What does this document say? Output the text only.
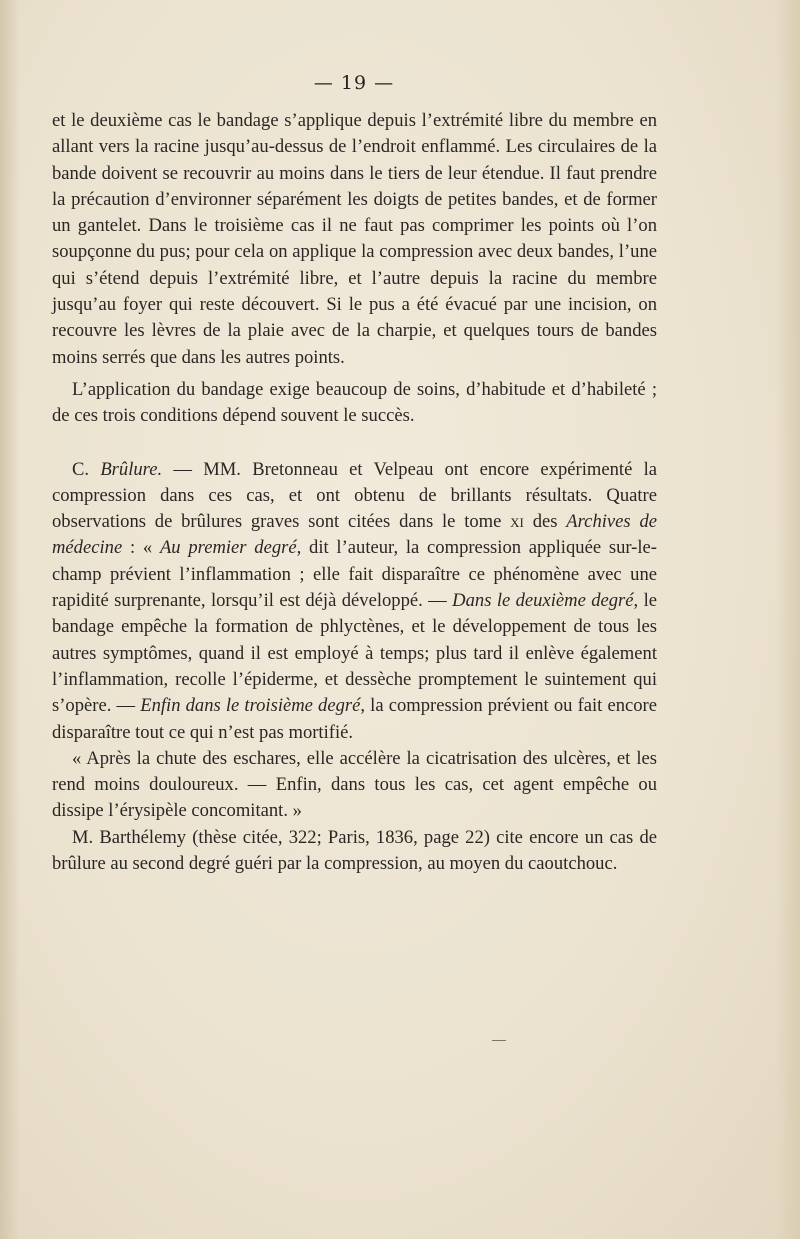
— 19 —

et le deuxième cas le bandage s’applique depuis l’extrémité libre du membre en allant vers la racine jusqu’au-dessus de l’endroit enflammé. Les circulaires de la bande doivent se recouvrir au moins dans le tiers de leur étendue. Il faut prendre la précaution d’environner séparément les doigts de petites bandes, et de former un gantelet. Dans le troisième cas il ne faut pas comprimer les points où l’on soupçonne du pus; pour cela on applique la compression avec deux bandes, l’une qui s’étend depuis l’extrémité libre, et l’autre depuis la racine du membre jusqu’au foyer qui reste découvert. Si le pus a été évacué par une incision, on recouvre les lèvres de la plaie avec de la charpie, et quelques tours de bandes moins serrés que dans les autres points.

L’application du bandage exige beaucoup de soins, d’habitude et d’habileté ; de ces trois conditions dépend souvent le succès.

C. Brûlure. — MM. Bretonneau et Velpeau ont encore expérimenté la compression dans ces cas, et ont obtenu de brillants résultats. Quatre observations de brûlures graves sont citées dans le tome xi des Archives de médecine : « Au premier degré, dit l’auteur, la compression appliquée sur-le-champ prévient l’inflammation ; elle fait disparaître ce phénomène avec une rapidité surprenante, lorsqu’il est déjà développé. — Dans le deuxième degré, le bandage empêche la formation de phlyctènes, et le développement de tous les autres symptômes, quand il est employé à temps; plus tard il enlève également l’inflammation, recolle l’épiderme, et dessèche promptement le suintement qui s’opère. — Enfin dans le troisième degré, la compression prévient ou fait encore disparaître tout ce qui n’est pas mortifié.

« Après la chute des eschares, elle accélère la cicatrisation des ulcères, et les rend moins douloureux. — Enfin, dans tous les cas, cet agent empêche ou dissipe l’érysipèle concomitant. »

M. Barthélemy (thèse citée, 322; Paris, 1836, page 22) cite encore un cas de brûlure au second degré guéri par la compression, au moyen du caoutchouc.
